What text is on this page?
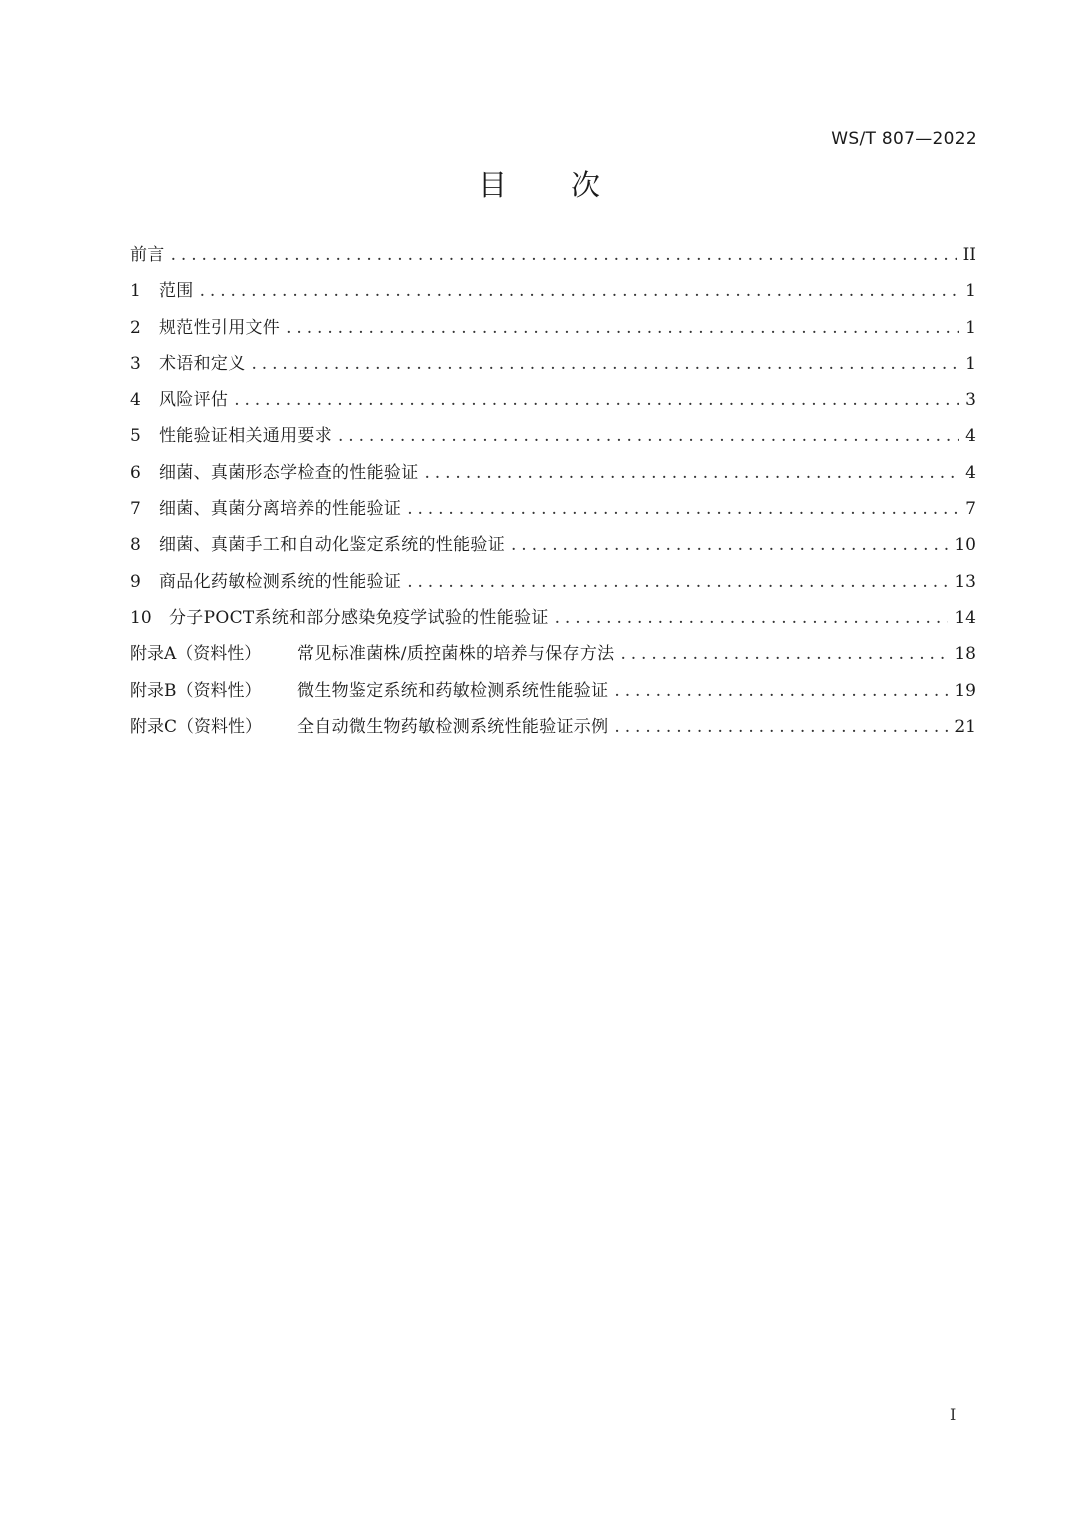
WS/T 807—2022
目　　次
前言 .....	II
1	范围 .....	1
2	规范性引用文件 .....	1
3	术语和定义 .....	1
4	风险评估 .....	3
5	性能验证相关通用要求 .....	4
6	细菌、真菌形态学检查的性能验证 .....	4
7	细菌、真菌分离培养的性能验证 .....	7
8	细菌、真菌手工和自动化鉴定系统的性能验证 .....	10
9	商品化药敏检测系统的性能验证 .....	13
10	分子POCT系统和部分感染免疫学试验的性能验证 .....	14
附录A（资料性）	常见标准菌株/质控菌株的培养与保存方法 .....	18
附录B（资料性）	微生物鉴定系统和药敏检测系统性能验证 .....	19
附录C（资料性）	全自动微生物药敏检测系统性能验证示例 .....	21
I
